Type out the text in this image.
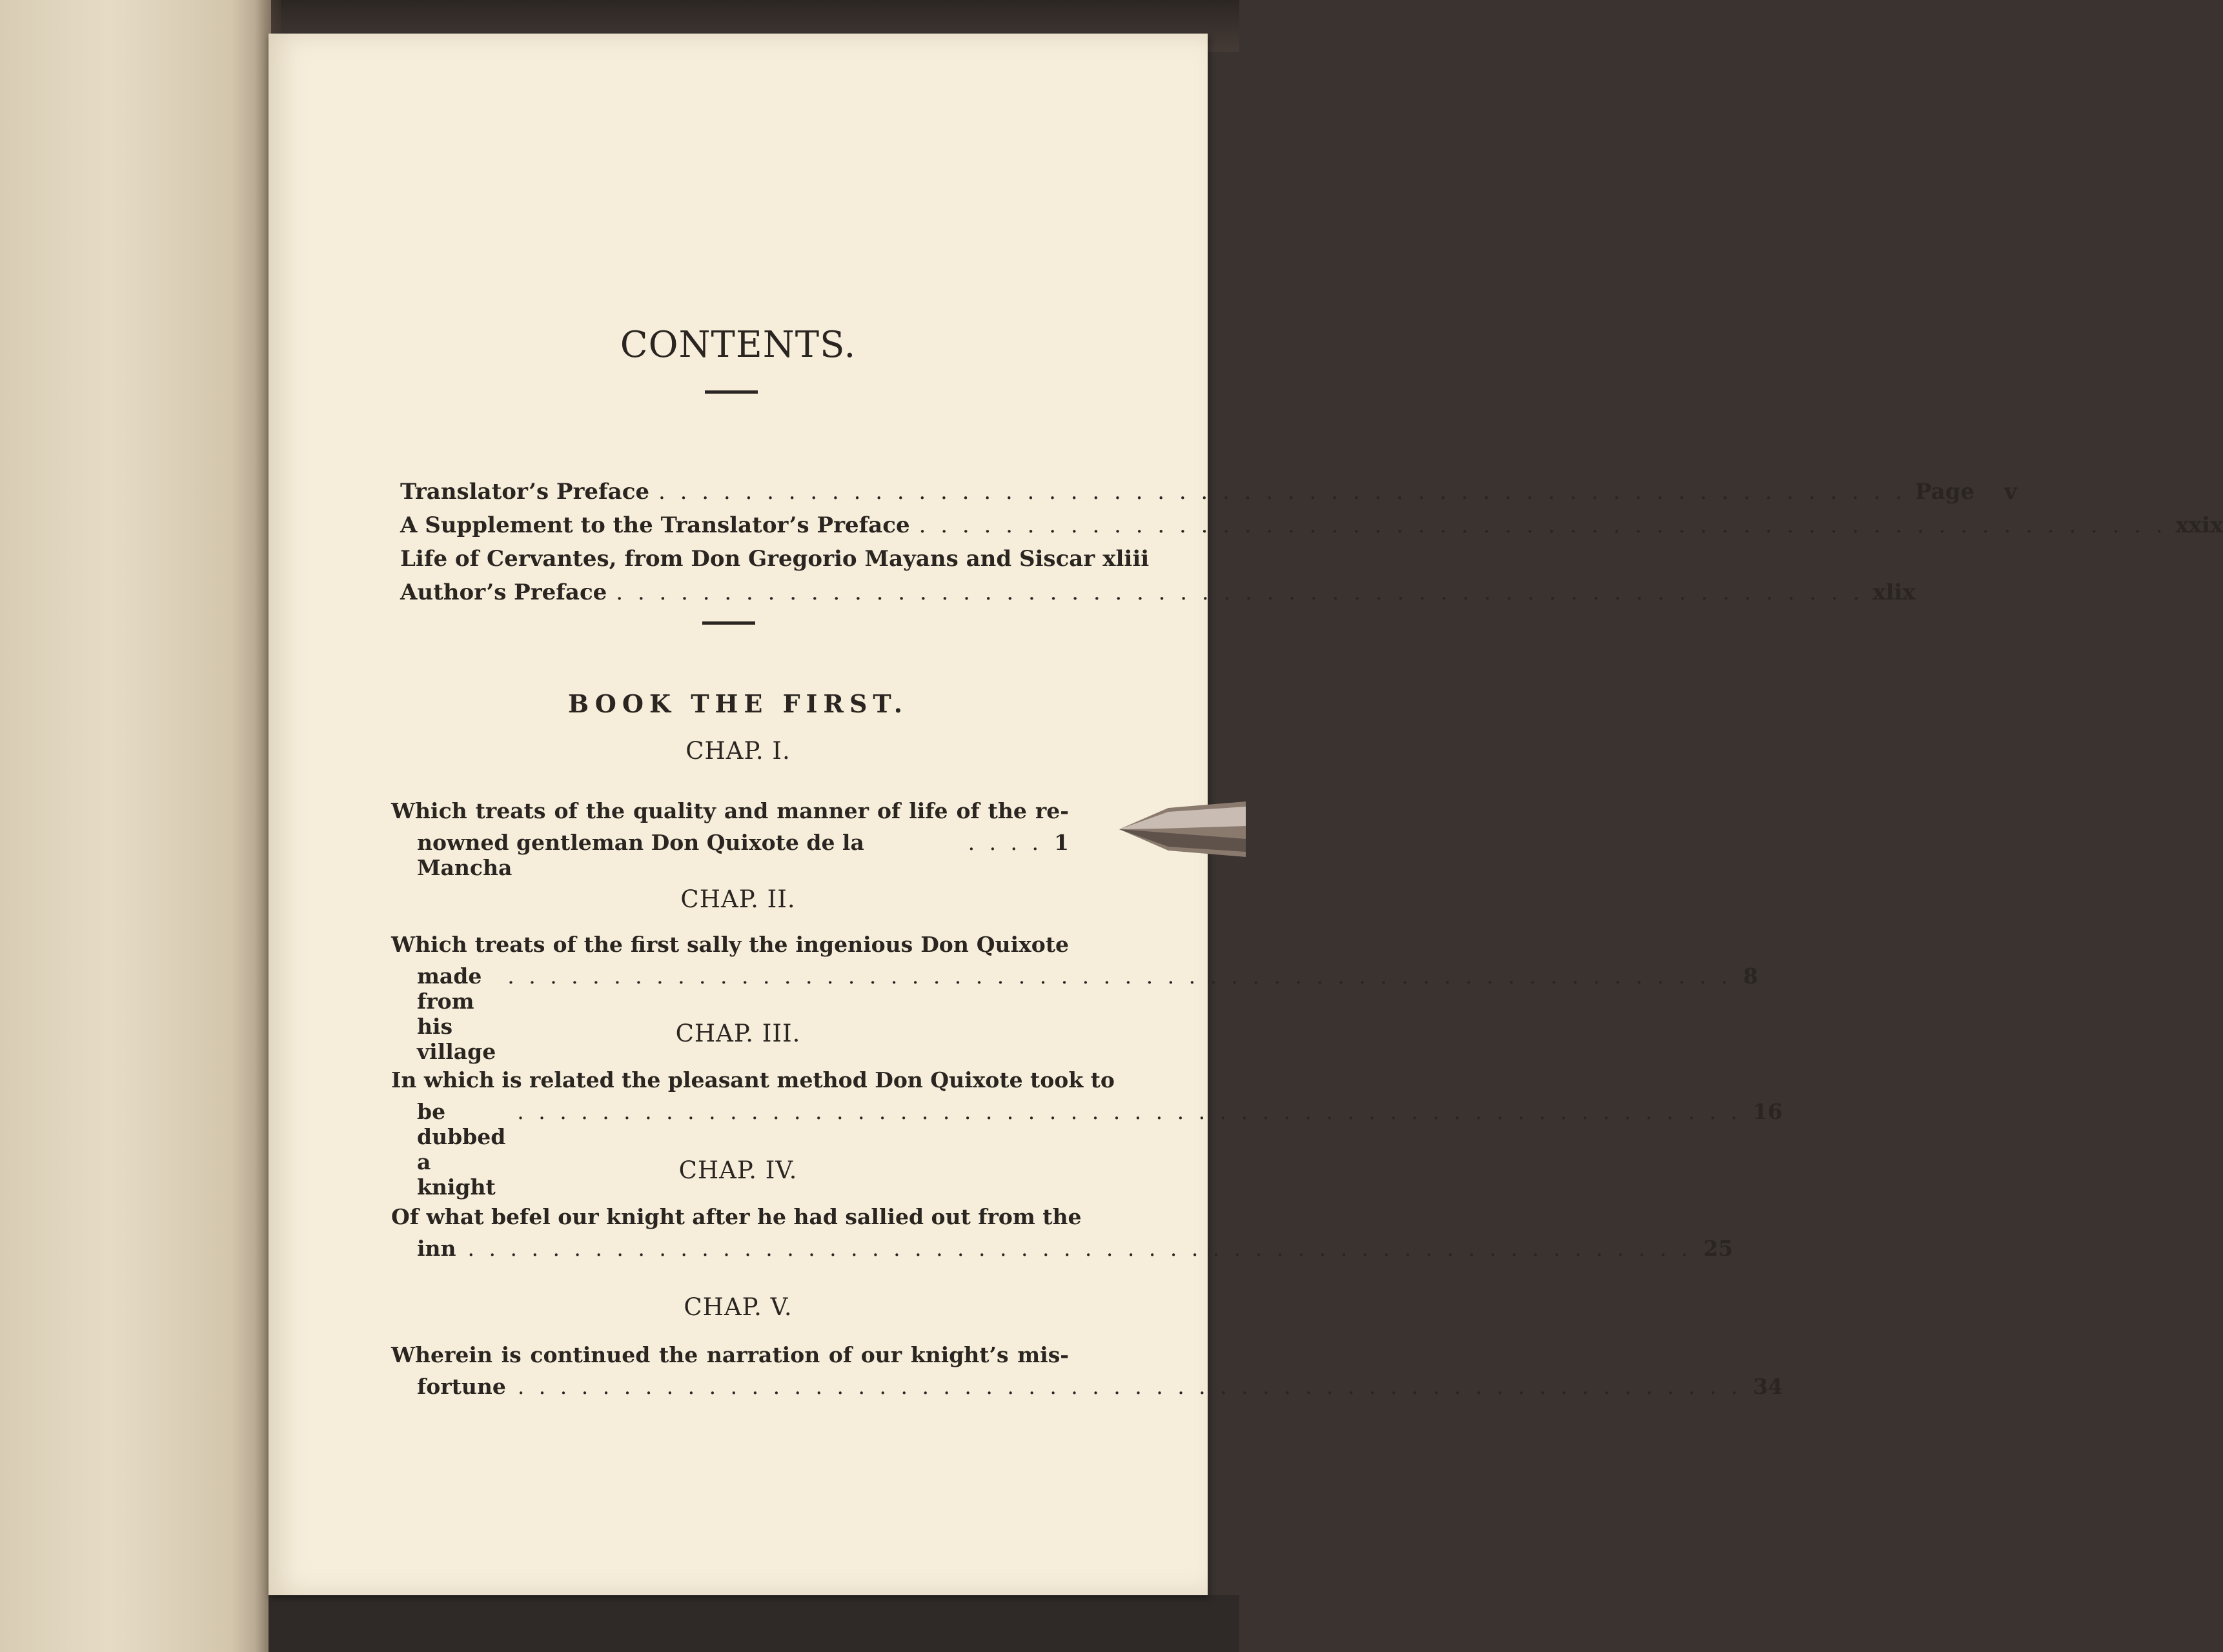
CONTENTS.
Translator’s Preface . . . . . . . . . . . . . . . . . . . . . . . . . . . . . . . . . . . . . . . . . . . . . . . . . . . . . . . . . . Page v
A Supplement to the Translator’s Preface . . . . . . . . . . . . . . . . . . . . . . . . . . . . . . . . . . . . . . . . . . . . . . . . . . . . . . . . . . xxix
Life of Cervantes, from Don Gregorio Mayans and Siscar xliii
Author’s Preface . . . . . . . . . . . . . . . . . . . . . . . . . . . . . . . . . . . . . . . . . . . . . . . . . . . . . . . . . . xlix
BOOK THE FIRST.
CHAP. I.
Which treats of the quality and manner of life of the re-
nowned gentleman Don Quixote de la Mancha
. . . . 1
CHAP. II.
Which treats of the first sally the ingenious Don Quixote
made from his village
. . . . . . . . . . . . . . . . . . . . . . . . . . . . . . . . . . . . . . . . . . . . . . . . . . . . . . . . . . 8
CHAP. III.
In which is related the pleasant method Don Quixote took to
be dubbed a knight
. . . . . . . . . . . . . . . . . . . . . . . . . . . . . . . . . . . . . . . . . . . . . . . . . . . . . . . . . . 16
CHAP. IV.
Of what befel our knight after he had sallied out from the
inn . . . . . . . . . . . . . . . . . . . . . . . . . . . . . . . . . . . . . . . . . . . . . . . . . . . . . . . . . . 25
CHAP. V.
Wherein is continued the narration of our knight’s mis-
fortune . . . . . . . . . . . . . . . . . . . . . . . . . . . . . . . . . . . . . . . . . . . . . . . . . . . . . . . . . . 34
